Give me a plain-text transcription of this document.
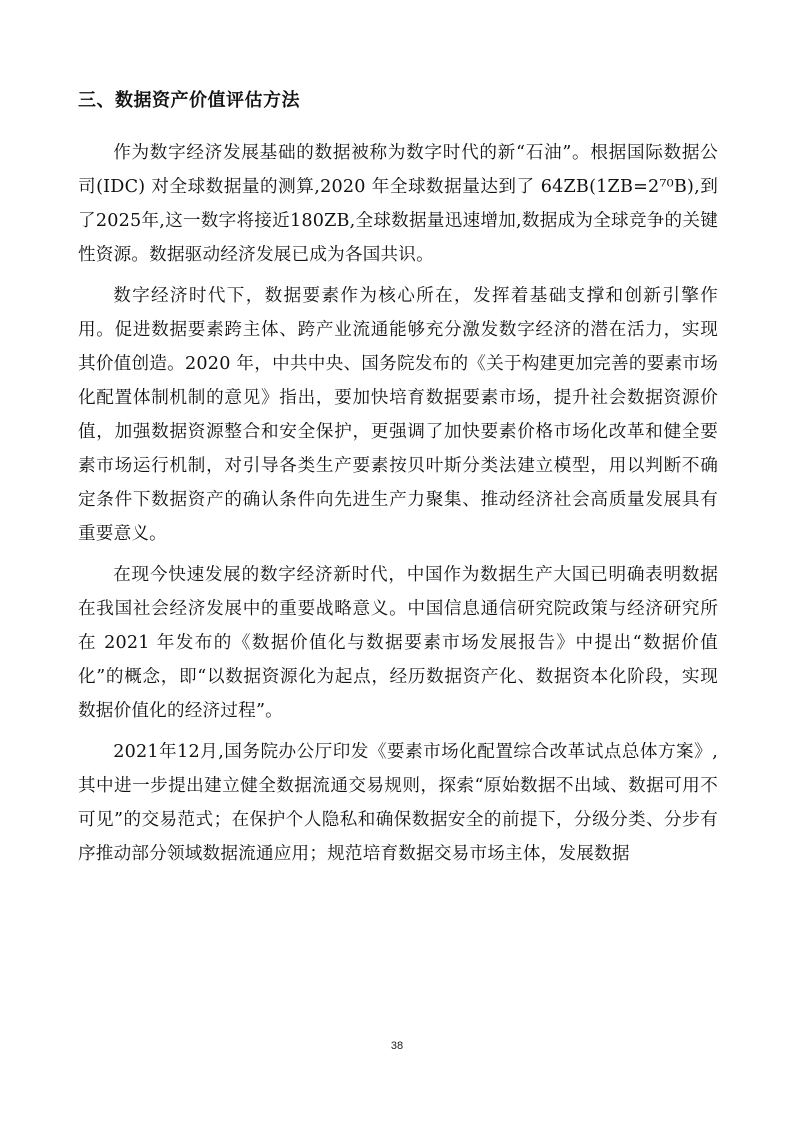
三、数据资产价值评估方法

作为数字经济发展基础的数据被称为数字时代的新“石油”。根据国际数据公司(IDC) 对全球数据量的测算,2020 年全球数据量达到了 64ZB(1ZB=2⁷⁰B),到了2025年,这一数字将接近180ZB,全球数据量迅速增加,数据成为全球竞争的关键性资源。数据驱动经济发展已成为各国共识。

数字经济时代下，数据要素作为核心所在，发挥着基础支撑和创新引擎作用。促进数据要素跨主体、跨产业流通能够充分激发数字经济的潜在活力，实现其价值创造。2020 年，中共中央、国务院发布的《关于构建更加完善的要素市场化配置体制机制的意见》指出，要加快培育数据要素市场，提升社会数据资源价值，加强数据资源整合和安全保护，更强调了加快要素价格市场化改革和健全要素市场运行机制，对引导各类生产要素按贝叶斯分类法建立模型，用以判断不确定条件下数据资产的确认条件向先进生产力聚集、推动经济社会高质量发展具有重要意义。

在现今快速发展的数字经济新时代，中国作为数据生产大国已明确表明数据在我国社会经济发展中的重要战略意义。中国信息通信研究院政策与经济研究所在 2021 年发布的《数据价值化与数据要素市场发展报告》中提出“数据价值化”的概念，即“以数据资源化为起点，经历数据资产化、数据资本化阶段，实现数据价值化的经济过程”。

2021年12月,国务院办公厅印发《要素市场化配置综合改革试点总体方案》,其中进一步提出建立健全数据流通交易规则，探索“原始数据不出域、数据可用不可见”的交易范式；在保护个人隐私和确保数据安全的前提下，分级分类、分步有序推动部分领域数据流通应用；规范培育数据交易市场主体，发展数据

38
